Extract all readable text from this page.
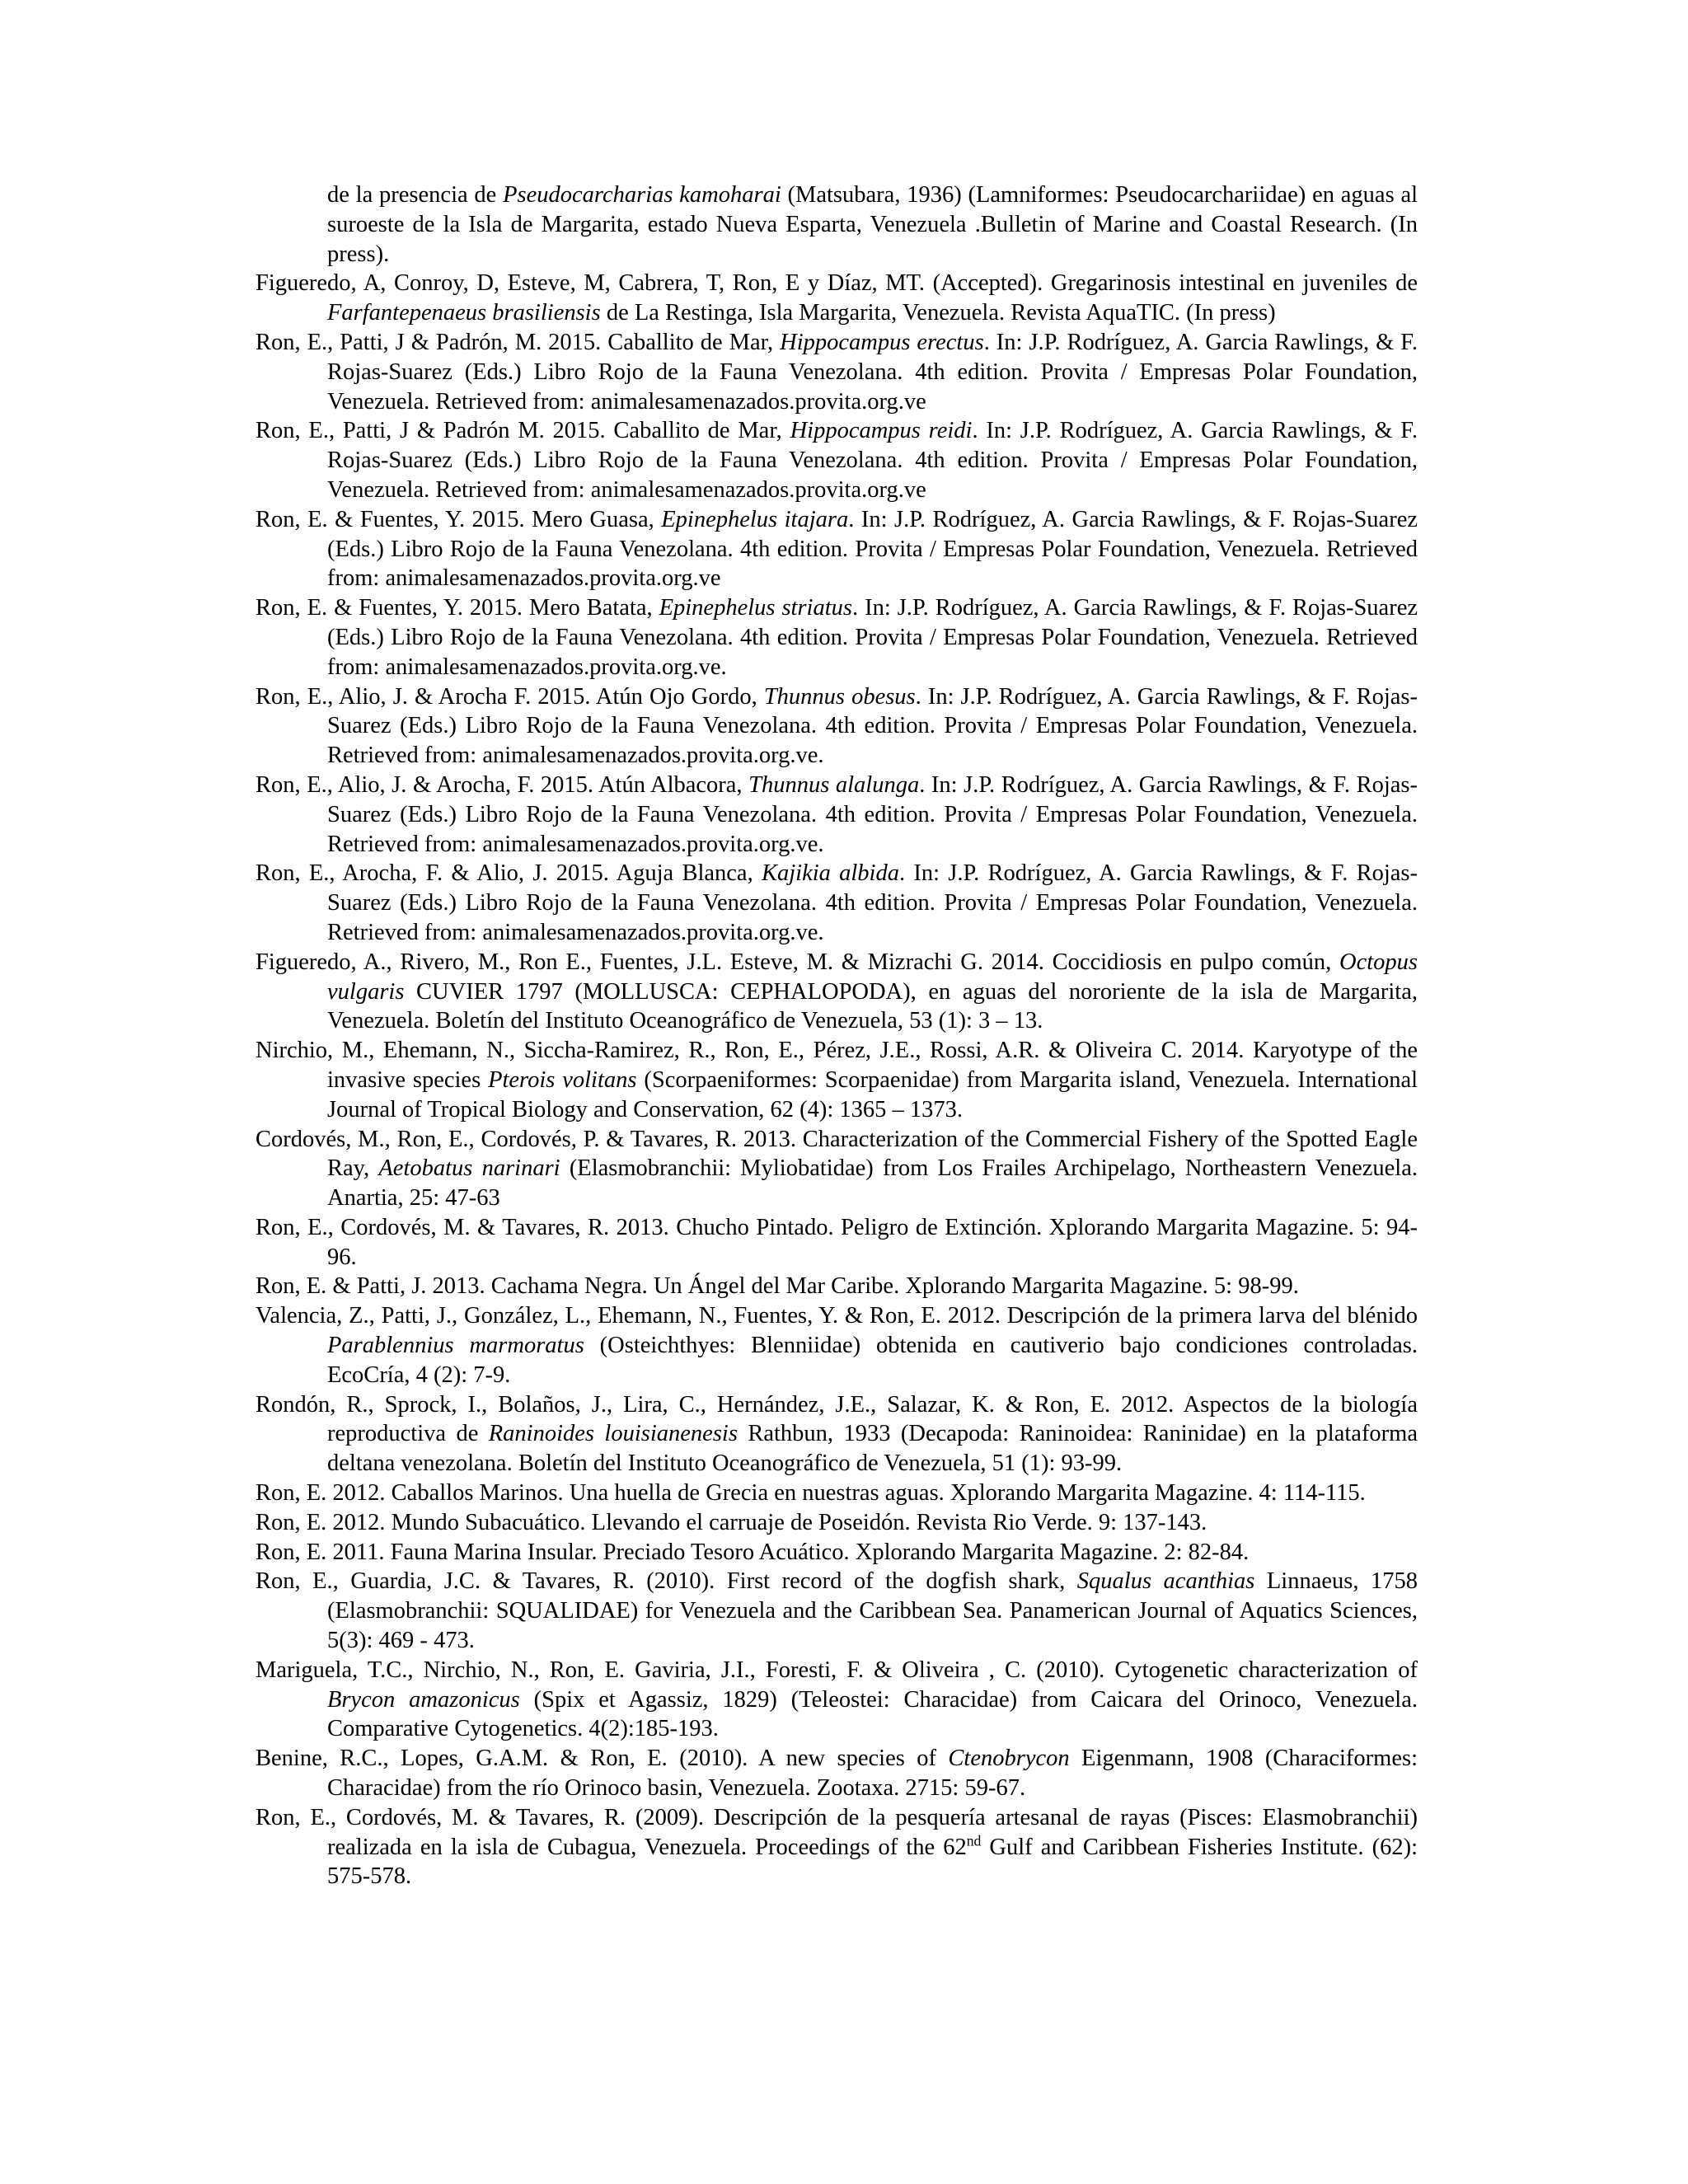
de la presencia de Pseudocarcharias kamoharai (Matsubara, 1936) (Lamniformes: Pseudocarchariidae) en aguas al suroeste de la Isla de Margarita, estado Nueva Esparta, Venezuela .Bulletin of Marine and Coastal Research. (In press).

Figueredo, A, Conroy, D, Esteve, M, Cabrera, T, Ron, E y Díaz, MT. (Accepted). Gregarinosis intestinal en juveniles de Farfantepenaeus brasiliensis de La Restinga, Isla Margarita, Venezuela. Revista AquaTIC. (In press)

Ron, E., Patti, J & Padrón, M. 2015. Caballito de Mar, Hippocampus erectus. In: J.P. Rodríguez, A. Garcia Rawlings, & F. Rojas-Suarez (Eds.) Libro Rojo de la Fauna Venezolana. 4th edition. Provita / Empresas Polar Foundation, Venezuela. Retrieved from: animalesamenazados.provita.org.ve

Ron, E., Patti, J & Padrón M. 2015. Caballito de Mar, Hippocampus reidi. In: J.P. Rodríguez, A. Garcia Rawlings, & F. Rojas-Suarez (Eds.) Libro Rojo de la Fauna Venezolana. 4th edition. Provita / Empresas Polar Foundation, Venezuela. Retrieved from: animalesamenazados.provita.org.ve

Ron, E. & Fuentes, Y. 2015. Mero Guasa, Epinephelus itajara. In: J.P. Rodríguez, A. Garcia Rawlings, & F. Rojas-Suarez (Eds.) Libro Rojo de la Fauna Venezolana. 4th edition. Provita / Empresas Polar Foundation, Venezuela. Retrieved from: animalesamenazados.provita.org.ve

Ron, E. & Fuentes, Y. 2015. Mero Batata, Epinephelus striatus. In: J.P. Rodríguez, A. Garcia Rawlings, & F. Rojas-Suarez (Eds.) Libro Rojo de la Fauna Venezolana. 4th edition. Provita / Empresas Polar Foundation, Venezuela. Retrieved from: animalesamenazados.provita.org.ve.

Ron, E., Alio, J. & Arocha F. 2015. Atún Ojo Gordo, Thunnus obesus. In: J.P. Rodríguez, A. Garcia Rawlings, & F. Rojas-Suarez (Eds.) Libro Rojo de la Fauna Venezolana. 4th edition. Provita / Empresas Polar Foundation, Venezuela. Retrieved from: animalesamenazados.provita.org.ve.

Ron, E., Alio, J. & Arocha, F. 2015. Atún Albacora, Thunnus alalunga. In: J.P. Rodríguez, A. Garcia Rawlings, & F. Rojas-Suarez (Eds.) Libro Rojo de la Fauna Venezolana. 4th edition. Provita / Empresas Polar Foundation, Venezuela. Retrieved from: animalesamenazados.provita.org.ve.

Ron, E., Arocha, F. & Alio, J. 2015. Aguja Blanca, Kajikia albida. In: J.P. Rodríguez, A. Garcia Rawlings, & F. Rojas-Suarez (Eds.) Libro Rojo de la Fauna Venezolana. 4th edition. Provita / Empresas Polar Foundation, Venezuela. Retrieved from: animalesamenazados.provita.org.ve.

Figueredo, A., Rivero, M., Ron E., Fuentes, J.L. Esteve, M. & Mizrachi G. 2014. Coccidiosis en pulpo común, Octopus vulgaris CUVIER 1797 (MOLLUSCA: CEPHALOPODA), en aguas del nororiente de la isla de Margarita, Venezuela. Boletín del Instituto Oceanográfico de Venezuela, 53 (1): 3 – 13.

Nirchio, M., Ehemann, N., Siccha-Ramirez, R., Ron, E., Pérez, J.E., Rossi, A.R. & Oliveira C. 2014. Karyotype of the invasive species Pterois volitans (Scorpaeniformes: Scorpaenidae) from Margarita island, Venezuela. International Journal of Tropical Biology and Conservation, 62 (4): 1365 – 1373.

Cordovés, M., Ron, E., Cordovés, P. & Tavares, R. 2013. Characterization of the Commercial Fishery of the Spotted Eagle Ray, Aetobatus narinari (Elasmobranchii: Myliobatidae) from Los Frailes Archipelago, Northeastern Venezuela. Anartia, 25: 47-63

Ron, E., Cordovés, M. & Tavares, R. 2013. Chucho Pintado. Peligro de Extinción. Xplorando Margarita Magazine. 5: 94-96.

Ron, E. & Patti, J. 2013. Cachama Negra. Un Ángel del Mar Caribe. Xplorando Margarita Magazine. 5: 98-99.

Valencia, Z., Patti, J., González, L., Ehemann, N., Fuentes, Y. & Ron, E. 2012. Descripción de la primera larva del blénido Parablennius marmoratus (Osteichthyes: Blenniidae) obtenida en cautiverio bajo condiciones controladas. EcoCría, 4 (2): 7-9.

Rondón, R., Sprock, I., Bolaños, J., Lira, C., Hernández, J.E., Salazar, K. & Ron, E. 2012. Aspectos de la biología reproductiva de Raninoides louisianenesis Rathbun, 1933 (Decapoda: Raninoidea: Raninidae) en la plataforma deltana venezolana. Boletín del Instituto Oceanográfico de Venezuela, 51 (1): 93-99.

Ron, E. 2012. Caballos Marinos. Una huella de Grecia en nuestras aguas. Xplorando Margarita Magazine. 4: 114-115.

Ron, E. 2012. Mundo Subacuático. Llevando el carruaje de Poseidón. Revista Rio Verde. 9: 137-143.

Ron, E. 2011. Fauna Marina Insular. Preciado Tesoro Acuático. Xplorando Margarita Magazine. 2: 82-84.

Ron, E., Guardia, J.C. & Tavares, R. (2010). First record of the dogfish shark, Squalus acanthias Linnaeus, 1758 (Elasmobranchii: SQUALIDAE) for Venezuela and the Caribbean Sea. Panamerican Journal of Aquatics Sciences, 5(3): 469 - 473.

Mariguela, T.C., Nirchio, N., Ron, E. Gaviria, J.I., Foresti, F. & Oliveira , C. (2010). Cytogenetic characterization of Brycon amazonicus (Spix et Agassiz, 1829) (Teleostei: Characidae) from Caicara del Orinoco, Venezuela. Comparative Cytogenetics. 4(2):185-193.

Benine, R.C., Lopes, G.A.M. & Ron, E. (2010). A new species of Ctenobrycon Eigenmann, 1908 (Characiformes: Characidae) from the río Orinoco basin, Venezuela. Zootaxa. 2715: 59-67.

Ron, E., Cordovés, M. & Tavares, R. (2009). Descripción de la pesquería artesanal de rayas (Pisces: Elasmobranchii) realizada en la isla de Cubagua, Venezuela. Proceedings of the 62nd Gulf and Caribbean Fisheries Institute. (62): 575-578.
